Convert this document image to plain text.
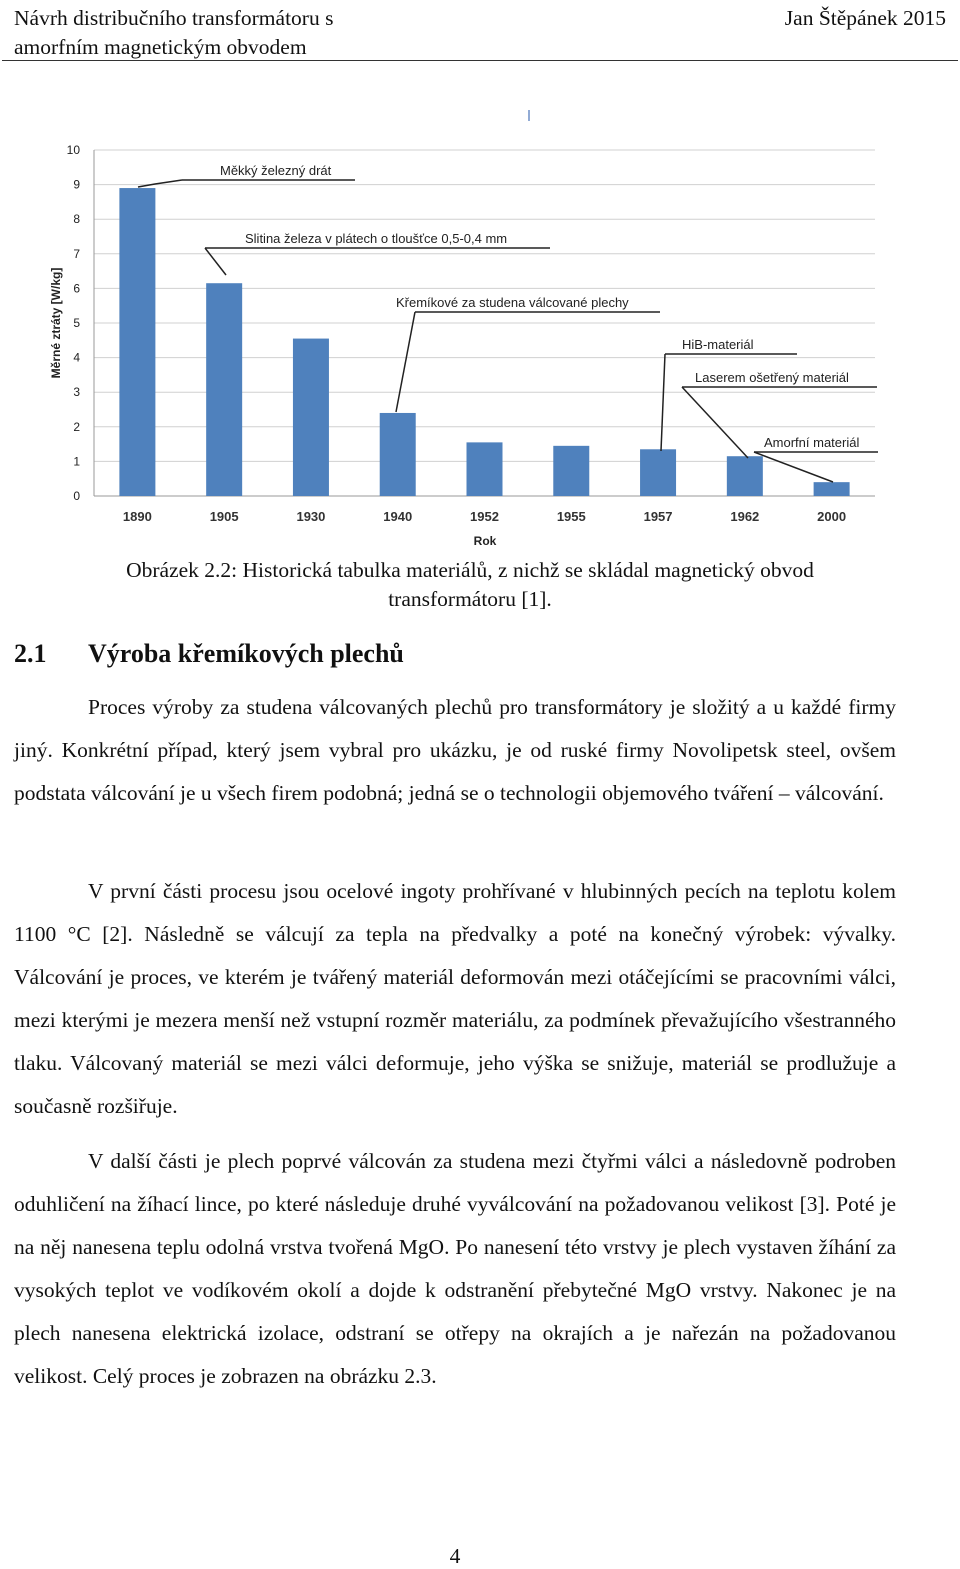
Návrh distribučního transformátoru s
amorfním magnetickým obvodem
Jan Štěpánek 2015
Měkký železný drát
Slitina železa v plátech o tloušťce 0,5-0,4 mm
Křemíkové za studena válcované plechy
HiB-materiál
Laserem ošetřený materiál
Amorfní materiál
0
1
2
3
4
5
6
7
8
9
10
1890	1905	1930	1940	1952	1955	1957	1962	2000
Rok
Měrné ztráty [W/kg]
Obrázek 2.2: Historická tabulka materiálů, z nichž se skládal magnetický obvod
transformátoru [1].
2.1 Výroba křemíkových plechů

Proces výroby za studena válcovaných plechů pro transformátory je složitý a u každé firmy jiný. Konkrétní případ, který jsem vybral pro ukázku, je od ruské firmy Novolipetsk steel, ovšem podstata válcování je u všech firem podobná; jedná se o technologii objemového tváření – válcování.

V první části procesu jsou ocelové ingoty prohřívané v hlubinných pecích na teplotu kolem 1100 °C [2]. Následně se válcují za tepla na předvalky a poté na konečný výrobek: vývalky. Válcování je proces, ve kterém je tvářený materiál deformován mezi otáčejícími se pracovními válci, mezi kterými je mezera menší než vstupní rozměr materiálu, za podmínek převažujícího všestranného tlaku. Válcovaný materiál se mezi válci deformuje, jeho výška se snižuje, materiál se prodlužuje a současně rozšiřuje.

V další části je plech poprvé válcován za studena mezi čtyřmi válci a následovně podroben oduhličení na žíhací lince, po které následuje druhé vyválcování na požadovanou velikost [3]. Poté je na něj nanesena teplu odolná vrstva tvořená MgO. Po nanesení této vrstvy je plech vystaven žíhání za vysokých teplot ve vodíkovém okolí a dojde k odstranění přebytečné MgO vrstvy. Nakonec je na plech nanesena elektrická izolace, odstraní se otřepy na okrajích a je nařezán na požadovanou velikost. Celý proces je zobrazen na obrázku 2.3.

4
